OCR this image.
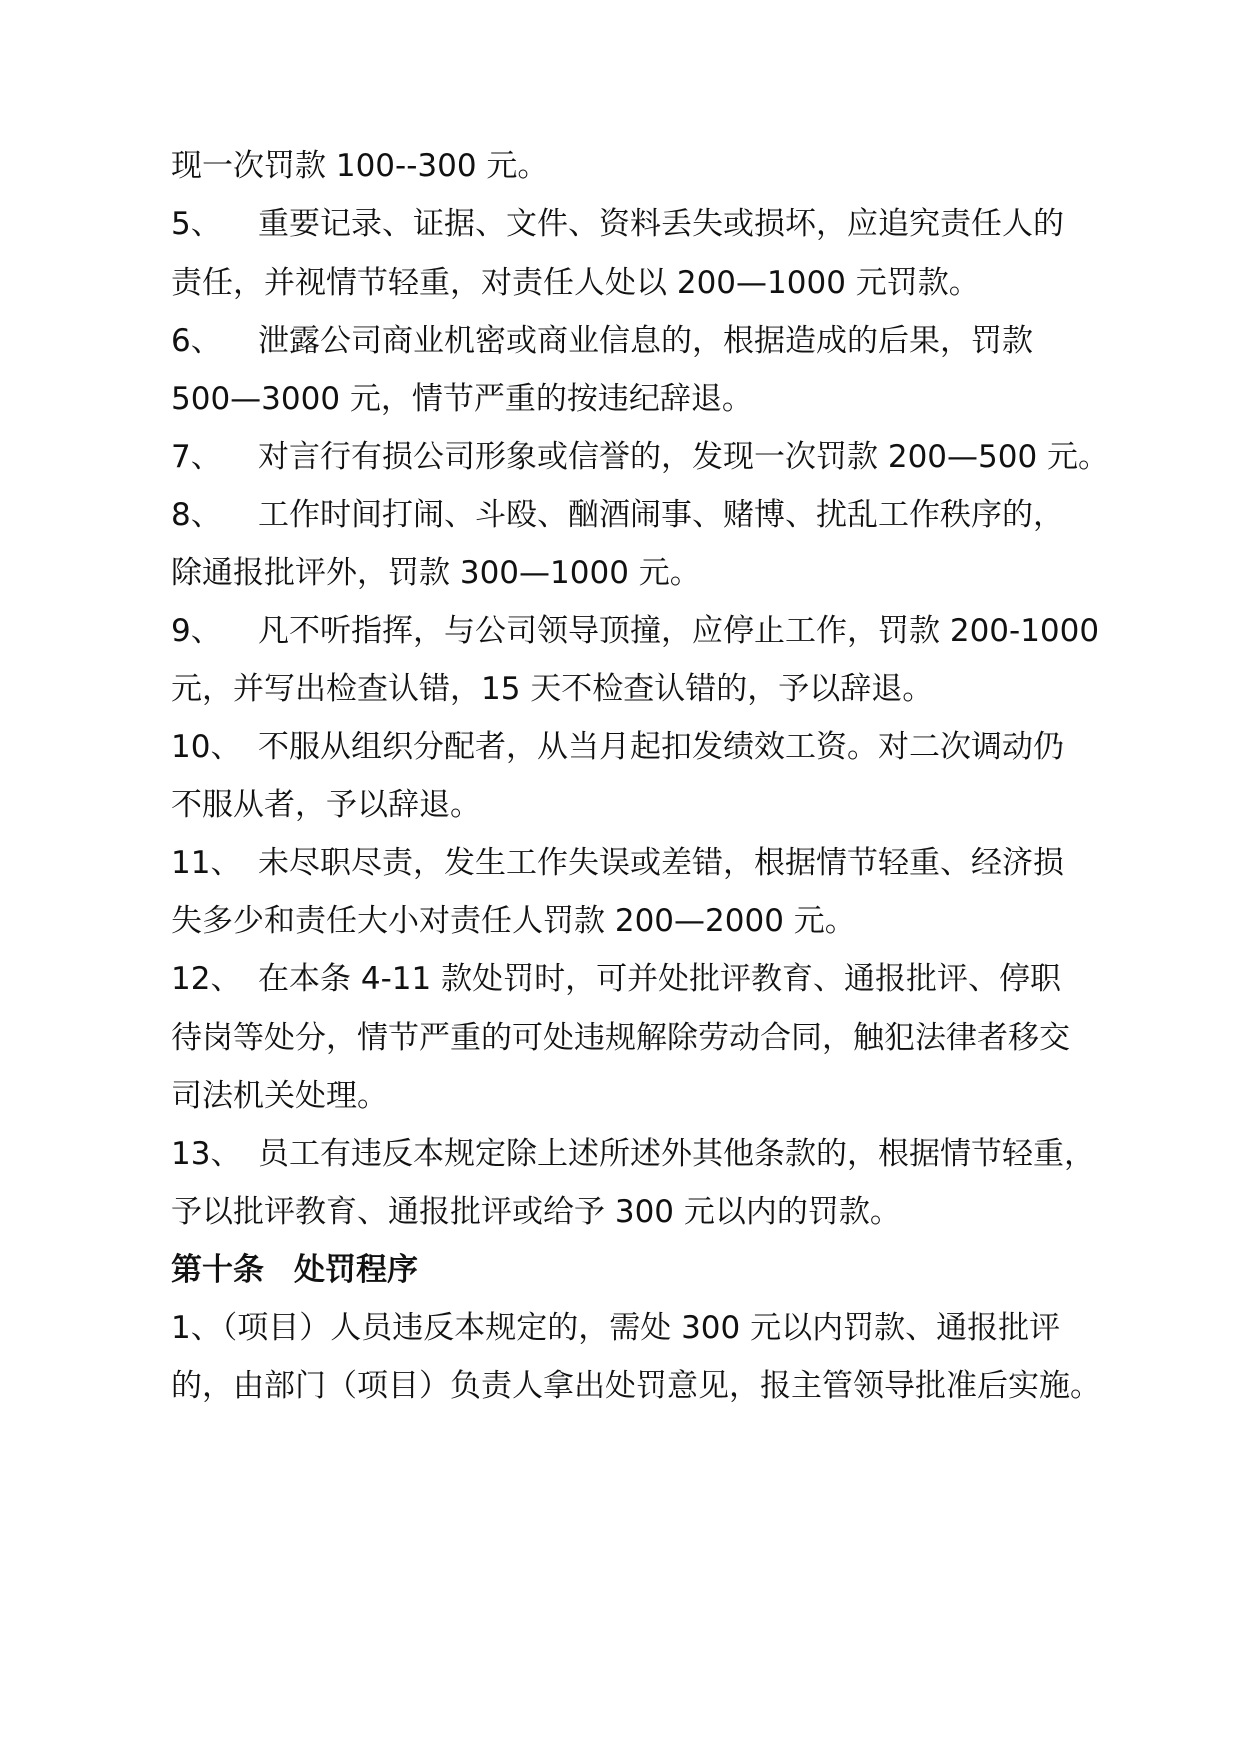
现一次罚款 100--300 元。
5、 重要记录、证据、文件、资料丢失或损坏，应追究责任人的
责任，并视情节轻重，对责任人处以 200—1000 元罚款。
6、 泄露公司商业机密或商业信息的，根据造成的后果，罚款
500—3000 元，情节严重的按违纪辞退。
7、 对言行有损公司形象或信誉的，发现一次罚款 200—500 元。
8、 工作时间打闹、斗殴、酗酒闹事、赌博、扰乱工作秩序的，
除通报批评外，罚款 300—1000 元。
9、 凡不听指挥，与公司领导顶撞，应停止工作，罚款 200-1000
元，并写出检查认错，15 天不检查认错的，予以辞退。
10、 不服从组织分配者，从当月起扣发绩效工资。对二次调动仍
不服从者，予以辞退。
11、 未尽职尽责，发生工作失误或差错，根据情节轻重、经济损
失多少和责任大小对责任人罚款 200—2000 元。
12、 在本条 4-11 款处罚时，可并处批评教育、通报批评、停职
待岗等处分，情节严重的可处违规解除劳动合同，触犯法律者移交
司法机关处理。
13、 员工有违反本规定除上述所述外其他条款的，根据情节轻重，
予以批评教育、通报批评或给予 300 元以内的罚款。
第十条 处罚程序
1、（项目）人员违反本规定的，需处 300 元以内罚款、通报批评
的，由部门（项目）负责人拿出处罚意见，报主管领导批准后实施。
